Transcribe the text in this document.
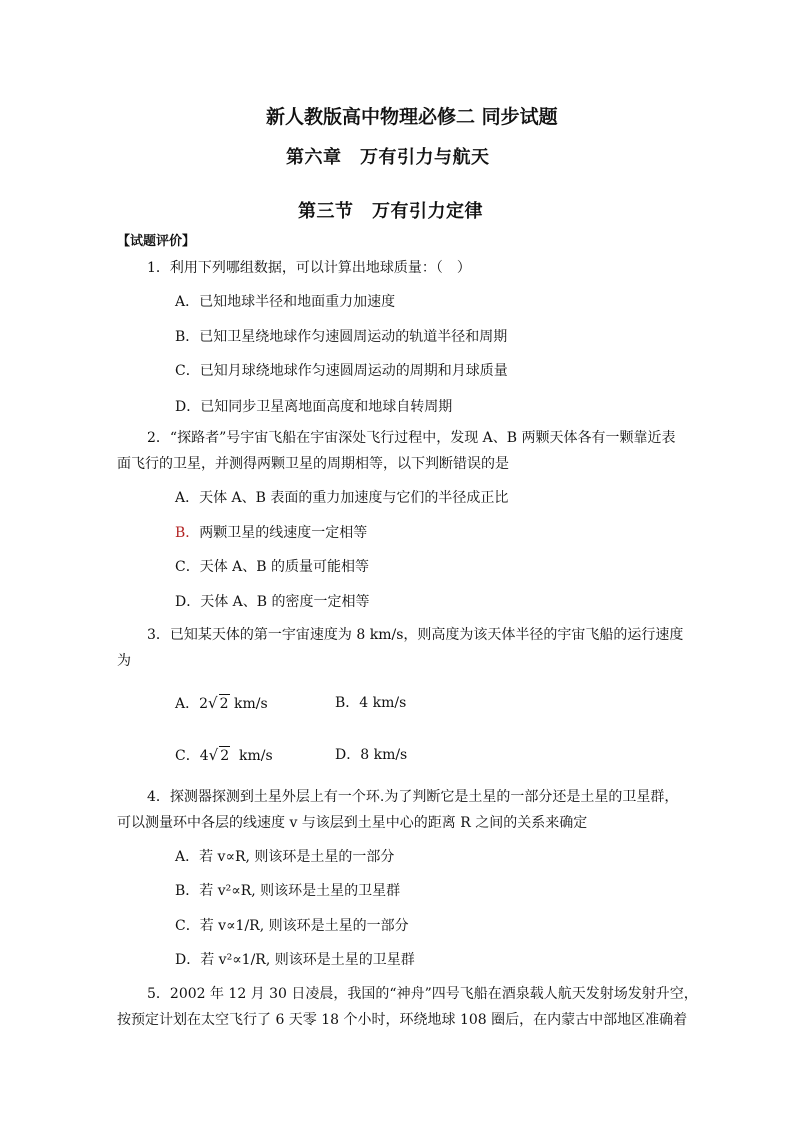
新人教版高中物理必修二 同步试题
第六章　万有引力与航天
第三节　万有引力定律
【试题评价】
1．利用下列哪组数据，可以计算出地球质量：（　）
A．已知地球半径和地面重力加速度
B．已知卫星绕地球作匀速圆周运动的轨道半径和周期
C．已知月球绕地球作匀速圆周运动的周期和月球质量
D．已知同步卫星离地面高度和地球自转周期
2．“探路者”号宇宙飞船在宇宙深处飞行过程中，发现 A、B 两颗天体各有一颗靠近表
面飞行的卫星，并测得两颗卫星的周期相等，以下判断错误的是
A．天体 A、B 表面的重力加速度与它们的半径成正比
B．两颗卫星的线速度一定相等
C．天体 A、B 的质量可能相等
D．天体 A、B 的密度一定相等
3．已知某天体的第一宇宙速度为 8 km/s，则高度为该天体半径的宇宙飞船的运行速度
为
A．2√ 2 km/s	B．4 km/s
C．4√ 2 km/s	D．8 km/s
4．探测器探测到土星外层上有一个环.为了判断它是土星的一部分还是土星的卫星群，
可以测量环中各层的线速度 v 与该层到土星中心的距离 R 之间的关系来确定
A．若 v∝R, 则该环是土星的一部分
B．若 v²∝R, 则该环是土星的卫星群
C．若 v∝1/R, 则该环是土星的一部分
D．若 v²∝1/R, 则该环是土星的卫星群
5．2002 年 12 月 30 日凌晨，我国的“神舟”四号飞船在酒泉载人航天发射场发射升空，
按预定计划在太空飞行了 6 天零 18 个小时，环绕地球 108 圈后，在内蒙古中部地区准确着
